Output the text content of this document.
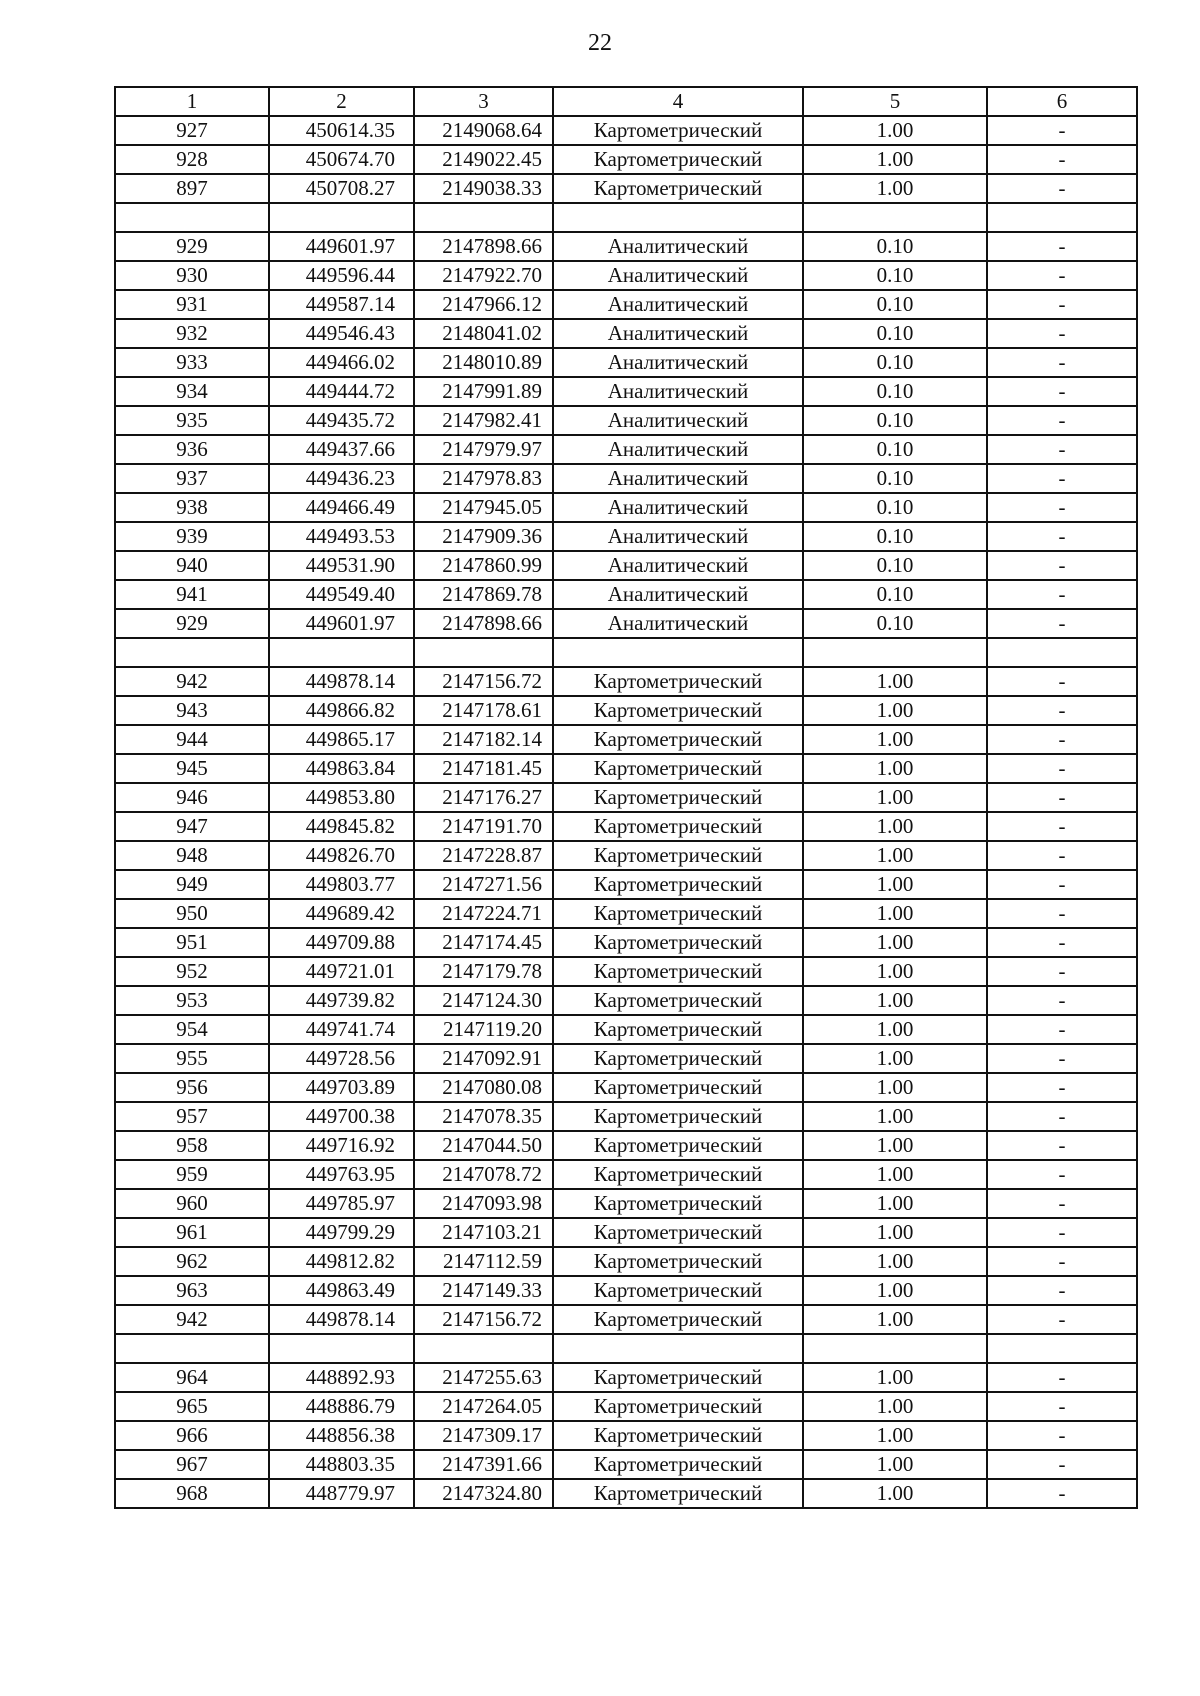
22
1	2	3	4	5	6
927	450614.35	2149068.64	Картометрический	1.00	-
928	450674.70	2149022.45	Картометрический	1.00	-
897	450708.27	2149038.33	Картометрический	1.00	-

929	449601.97	2147898.66	Аналитический	0.10	-
930	449596.44	2147922.70	Аналитический	0.10	-
931	449587.14	2147966.12	Аналитический	0.10	-
932	449546.43	2148041.02	Аналитический	0.10	-
933	449466.02	2148010.89	Аналитический	0.10	-
934	449444.72	2147991.89	Аналитический	0.10	-
935	449435.72	2147982.41	Аналитический	0.10	-
936	449437.66	2147979.97	Аналитический	0.10	-
937	449436.23	2147978.83	Аналитический	0.10	-
938	449466.49	2147945.05	Аналитический	0.10	-
939	449493.53	2147909.36	Аналитический	0.10	-
940	449531.90	2147860.99	Аналитический	0.10	-
941	449549.40	2147869.78	Аналитический	0.10	-
929	449601.97	2147898.66	Аналитический	0.10	-

942	449878.14	2147156.72	Картометрический	1.00	-
943	449866.82	2147178.61	Картометрический	1.00	-
944	449865.17	2147182.14	Картометрический	1.00	-
945	449863.84	2147181.45	Картометрический	1.00	-
946	449853.80	2147176.27	Картометрический	1.00	-
947	449845.82	2147191.70	Картометрический	1.00	-
948	449826.70	2147228.87	Картометрический	1.00	-
949	449803.77	2147271.56	Картометрический	1.00	-
950	449689.42	2147224.71	Картометрический	1.00	-
951	449709.88	2147174.45	Картометрический	1.00	-
952	449721.01	2147179.78	Картометрический	1.00	-
953	449739.82	2147124.30	Картометрический	1.00	-
954	449741.74	2147119.20	Картометрический	1.00	-
955	449728.56	2147092.91	Картометрический	1.00	-
956	449703.89	2147080.08	Картометрический	1.00	-
957	449700.38	2147078.35	Картометрический	1.00	-
958	449716.92	2147044.50	Картометрический	1.00	-
959	449763.95	2147078.72	Картометрический	1.00	-
960	449785.97	2147093.98	Картометрический	1.00	-
961	449799.29	2147103.21	Картометрический	1.00	-
962	449812.82	2147112.59	Картометрический	1.00	-
963	449863.49	2147149.33	Картометрический	1.00	-
942	449878.14	2147156.72	Картометрический	1.00	-

964	448892.93	2147255.63	Картометрический	1.00	-
965	448886.79	2147264.05	Картометрический	1.00	-
966	448856.38	2147309.17	Картометрический	1.00	-
967	448803.35	2147391.66	Картометрический	1.00	-
968	448779.97	2147324.80	Картометрический	1.00	-
